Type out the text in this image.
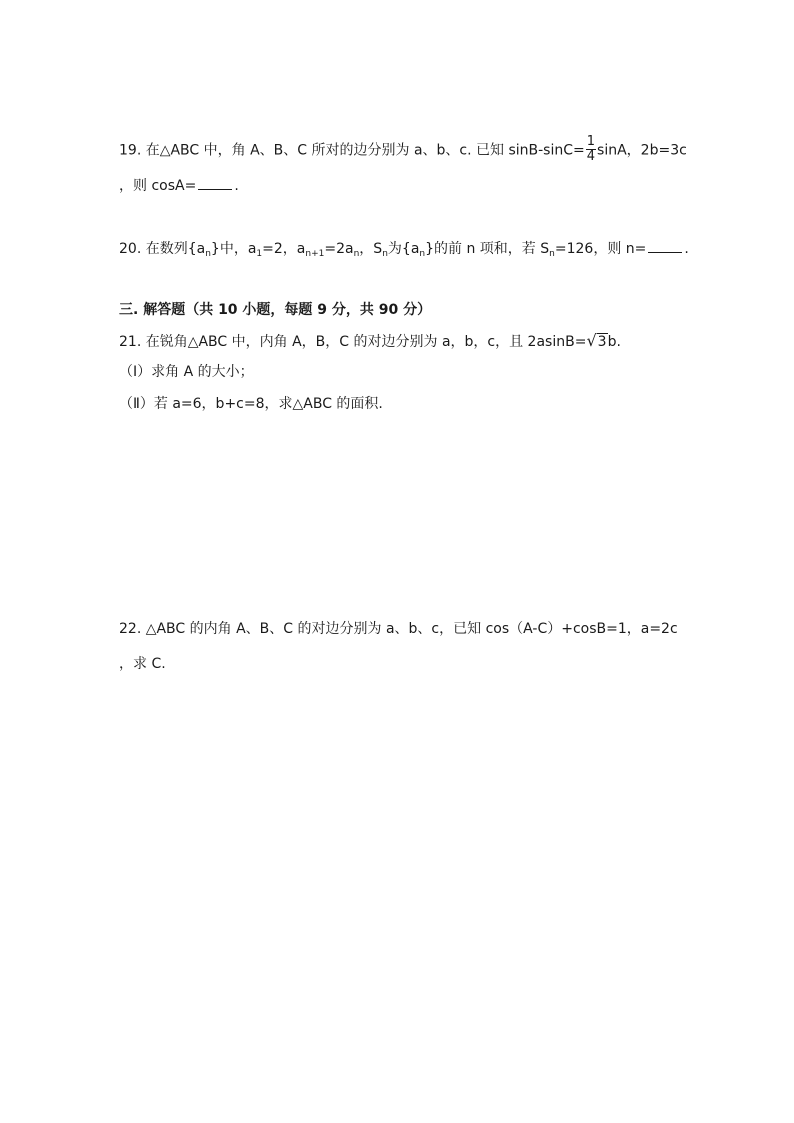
19. 在△ABC 中，角 A、B、C 所对的边分别为 a、b、c. 已知 $\sin B-\sin C= \frac{1}{4}$ sinA，2b=3c
，则 cosA=	.
20. 在数列$\{a_n\}$中，$a_1=2$，$a_{n+1}=2a_n$，$S_n$为$\{a_n\}$的前 n 项和，若 $S_n=126$，则 n=	.
三. 解答题（共 10 小题，每题 9 分，共 90 分）
21. 在锐角△ABC 中，内角 A，B，C 的对边分别为 a，b，c，且 2asinB=√3b.
（Ⅰ）求角 A 的大小；
（Ⅱ）若 a=6，b+c=8，求△ABC 的面积.
22. △ABC 的内角 A、B、C 的对边分别为 a、b、c，已知 cos（A-C）+cosB=1，a=2c
，求 C.
